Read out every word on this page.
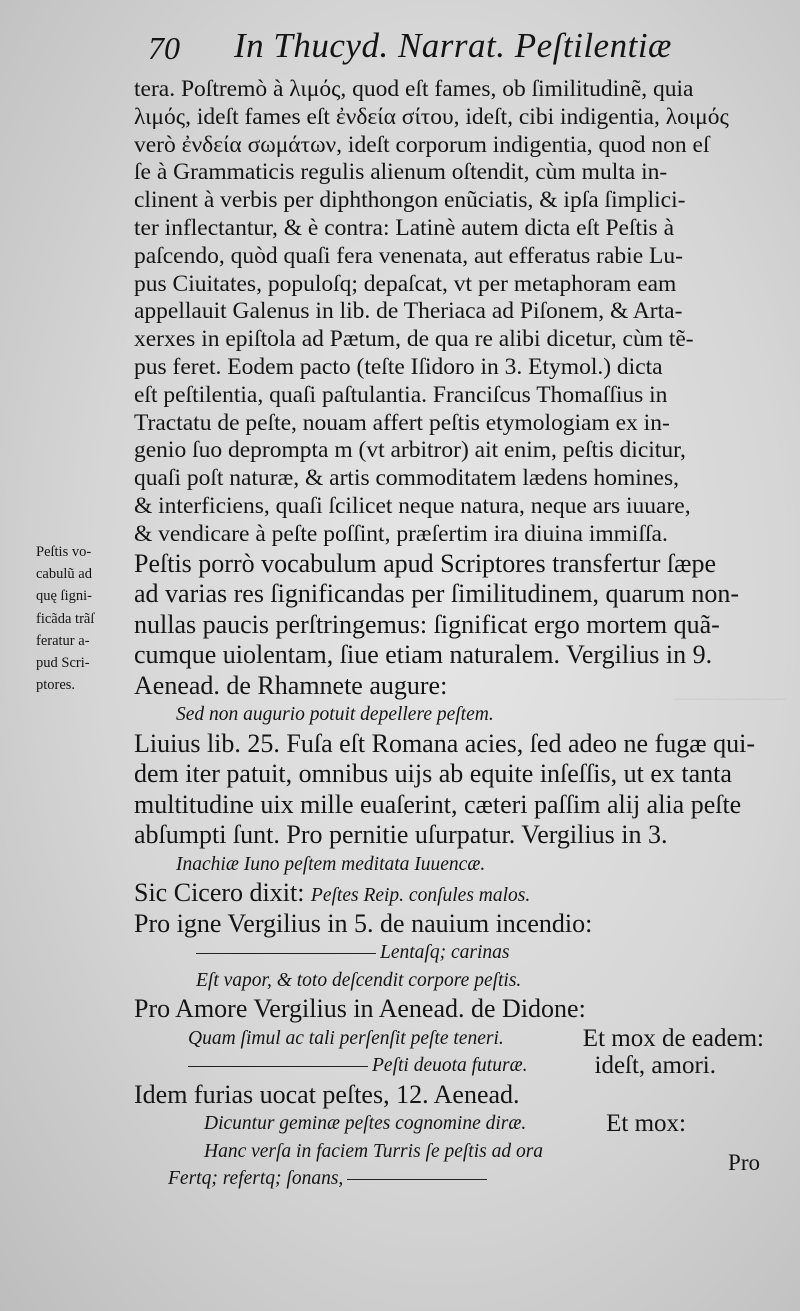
———————
70 In Thucyd. Narrat. Peſtilentiæ
Peſtis vo-
cabulũ ad
quę ſigni-
ficãda trãſ
feratur a-
pud Scri-
ptores.
tera. Poſtremò à λιμός, quod eſt fames, ob ſimilitudinẽ, quia
λιμός, ideſt fames eſt ἐνδεία σίτου, ideſt, cibi indigentia, λοιμός
verò ἐνδεία σωμάτων, ideſt corporum indigentia, quod non eſ
ſe à Grammaticis regulis alienum oſtendit, cùm multa in-
clinent à verbis per diphthongon enũciatis, & ipſa ſimplici-
ter inflectantur, & è contra: Latinè autem dicta eſt Peſtis à
paſcendo, quòd quaſi fera venenata, aut efferatus rabie Lu-
pus Ciuitates, populoſq; depaſcat, vt per metaphoram eam
appellauit Galenus in lib. de Theriaca ad Piſonem, & Arta-
xerxes in epiſtola ad Pætum, de qua re alibi dicetur, cùm tẽ-
pus feret. Eodem pacto (teſte Iſidoro in 3. Etymol.) dicta
eſt peſtilentia, quaſi paſtulantia. Franciſcus Thomaſſius in
Tractatu de peſte, nouam affert peſtis etymologiam ex in-
genio ſuo deprompta m (vt arbitror) ait enim, peſtis dicitur,
quaſi poſt naturæ, & artis commoditatem lædens homines,
& interficiens, quaſi ſcilicet neque natura, neque ars iuuare,
& vendicare à peſte poſſint, præſertim ira diuina immiſſa.
Peſtis porrò vocabulum apud Scriptores transfertur ſæpe
ad varias res ſignificandas per ſimilitudinem, quarum non-
nullas paucis perſtringemus: ſignificat ergo mortem quã-
cumque uiolentam, ſiue etiam naturalem. Vergilius in 9.
Aenead. de Rhamnete augure:
Sed non augurio potuit depellere peſtem.
Liuius lib. 25. Fuſa eſt Romana acies, ſed adeo ne fugæ qui-
dem iter patuit, omnibus uijs ab equite inſeſſis, ut ex tanta
multitudine uix mille euaſerint, cæteri paſſim alij alia peſte
abſumpti ſunt. Pro pernitie uſurpatur. Vergilius in 3.
Inachiæ Iuno peſtem meditata Iuuencæ.
Sic Cicero dixit: Peſtes Reip. conſules malos.
Pro igne Vergilius in 5. de nauium incendio:
Lentaſq; carinas
Eſt vapor, & toto deſcendit corpore peſtis.
Pro Amore Vergilius in Aenead. de Didone:
Quam ſimul ac tali perſenſit peſte teneri.	Et mox de eadem:
Peſti deuota futuræ.	ideſt, amori.
Idem furias uocat peſtes, 12. Aenead.
Dicuntur geminæ peſtes cognomine diræ.	Et mox:
Hanc verſa in faciem Turris ſe peſtis ad ora
Fertq; refertq; ſonans,
Pro
